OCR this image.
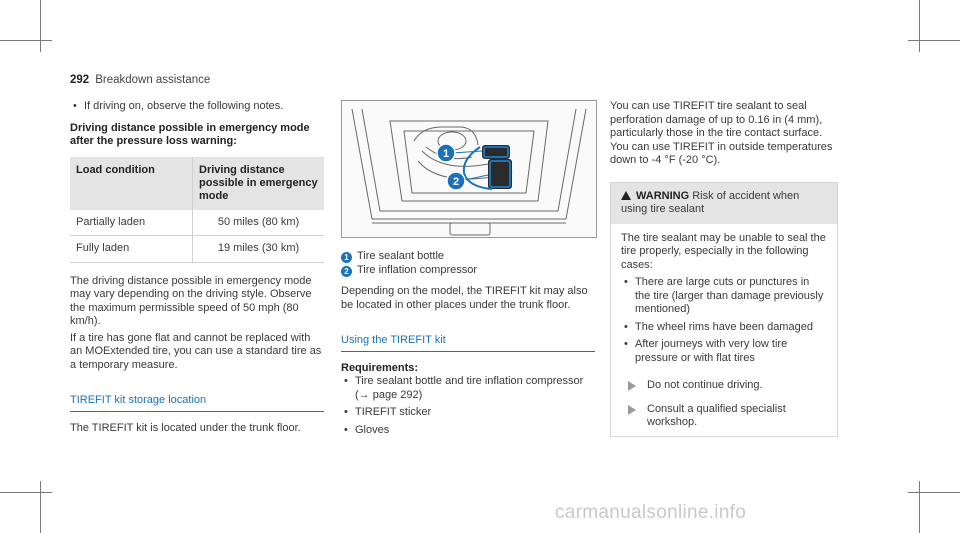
292 Breakdown assistance
• If driving on, observe the following notes.
Driving distance possible in emergency mode after the pressure loss warning:
Load condition	Driving distance possible in emergency mode
Partially laden	50 miles (80 km)
Fully laden	19 miles (30 km)

The driving distance possible in emergency mode may vary depending on the driving style. Observe the maximum permissible speed of 50 mph (80 km/h).

If a tire has gone flat and cannot be replaced with an MOExtended tire, you can use a standard tire as a temporary measure.

TIREFIT kit storage location

The TIREFIT kit is located under the trunk floor.

1
2
1 Tire sealant bottle
2 Tire inflation compressor

Depending on the model, the TIREFIT kit may also be located in other places under the trunk floor.

Using the TIREFIT kit
Requirements:
• Tire sealant bottle and tire inflation compressor (→ page 292)
• TIREFIT sticker
• Gloves

You can use TIREFIT tire sealant to seal perforation damage of up to 0.16 in (4 mm), particularly those in the tire contact surface. You can use TIREFIT in outside temperatures down to -4 °F (-20 °C).

WARNING Risk of accident when using tire sealant

The tire sealant may be unable to seal the tire properly, especially in the following cases:

• There are large cuts or punctures in the tire (larger than damage previously mentioned)
• The wheel rims have been damaged
• After journeys with very low tire pressure or with flat tires
Do not continue driving.
Consult a qualified specialist workshop.
carmanualsonline.info
